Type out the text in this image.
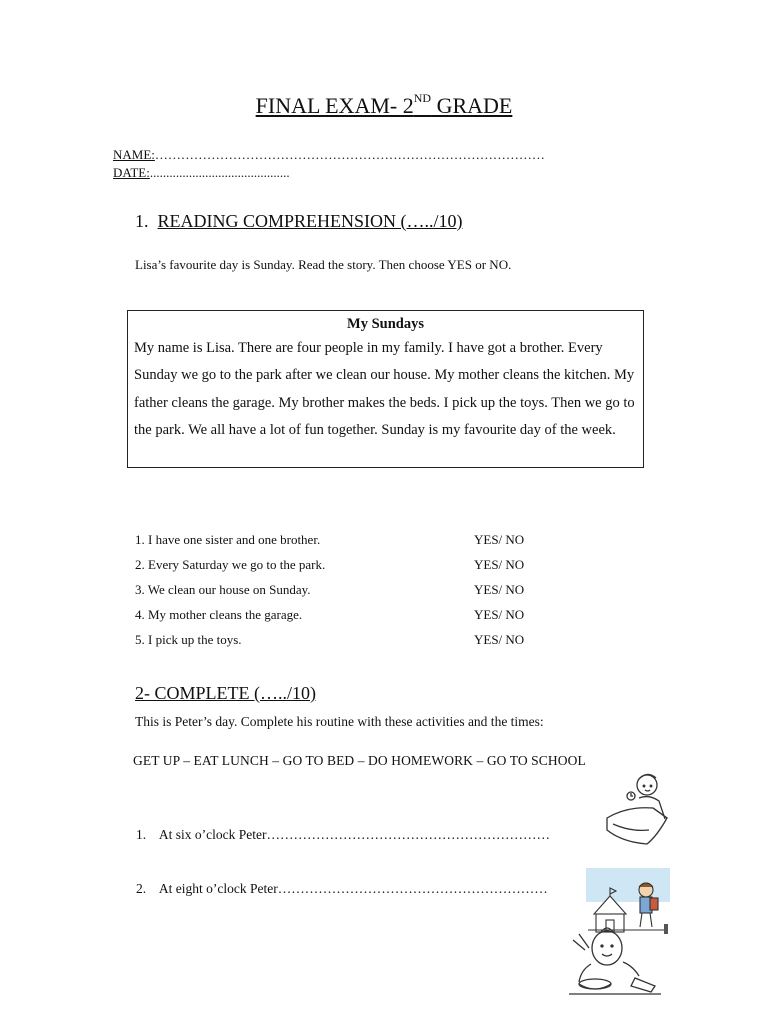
FINAL EXAM- 2ND GRADE
NAME:………………………………………………………………………………
DATE:...........................................
1. READING COMPREHENSION (…../10)
Lisa’s favourite day is Sunday. Read the story. Then choose YES or NO.
My Sundays
My name is Lisa. There are four people in my family. I have got a brother. Every Sunday we go to the park after we clean our house. My mother cleans the kitchen. My father cleans the garage. My brother makes the beds. I pick up the toys. Then we go to the park. We all have a lot of fun together. Sunday is my favourite day of the week.
1. I have one sister and one brother.	YES/ NO
2. Every Saturday we go to the park.	YES/ NO
3. We clean our house on Sunday.	YES/ NO
4. My mother cleans the garage.	YES/ NO
5. I pick up the toys.	YES/ NO
2- COMPLETE (…../10)
This is Peter’s day. Complete his routine with these activities and the times:
GET UP – EAT LUNCH – GO TO BED – DO HOMEWORK – GO TO SCHOOL
1. At six o’clock Peter………………………………………………………
2. At eight o’clock Peter……………………………………………………
